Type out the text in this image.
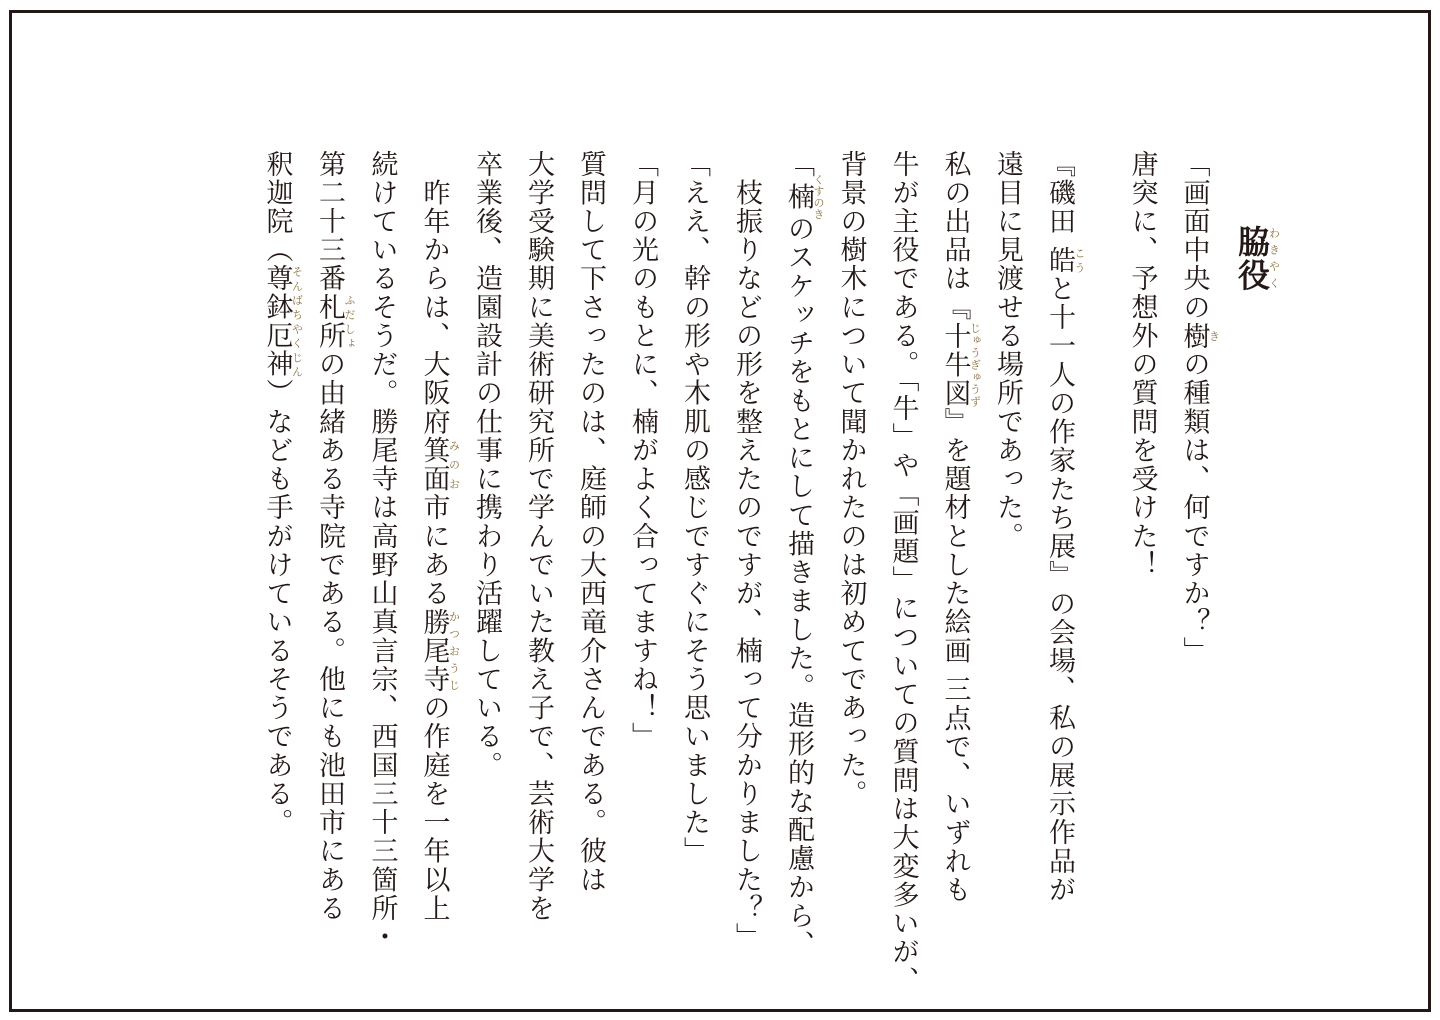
脇役わきやく
「画面中央の樹きの種類は、何ですか？」
唐突に、予想外の質問を受けた！

『磯田 皓こうと十一人の作家たち展』の会場、私の展示作品が
遠目に見渡せる場所であった。
私の出品は『十牛図じゅうぎゅうず』を題材とした絵画 三点で、いずれも
牛が主役である。「牛」や「画題」についての質問は大変多いが、
背景の樹木について聞かれたのは初めてであった。
「楠くすのきのスケッチをもとにして描きました。造形的な配慮から、
　枝振りなどの形を整えたのですが、楠って分かりました？」
「ええ、幹の形や木肌の感じですぐにそう思いました」
「月の光のもとに、楠がよく合ってますね！」
質問して下さったのは、庭師の大西竜介さんである。彼は
大学受験期に美術研究所で学んでいた教え子で、芸術大学を
卒業後、造園設計の仕事に携わり活躍している。
　昨年からは、大阪府箕面みのお市にある勝尾寺かつおうじの作庭を一年以上
続けているそうだ。勝尾寺は高野山真言宗、西国三十三箇所・
第二十三番札所ふだしょの由緒ある寺院である。他にも池田市にある
釈迦院（尊鉢厄神そんばちやくじん）なども手がけているそうである。
